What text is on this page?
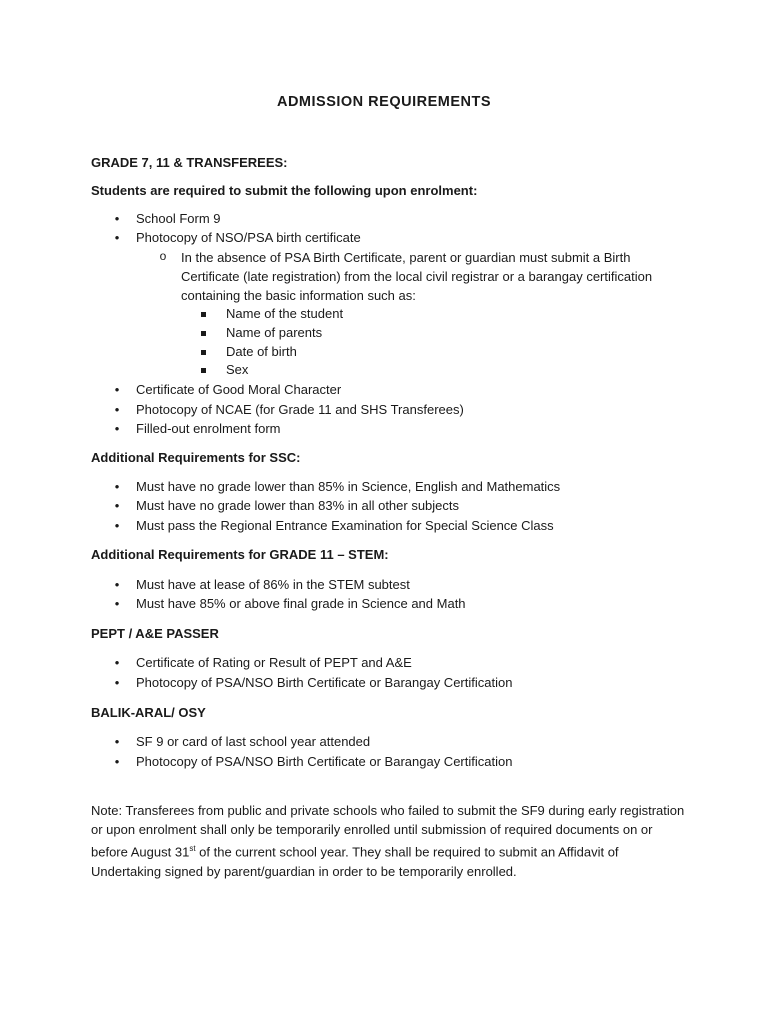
ADMISSION REQUIREMENTS
GRADE 7, 11 & TRANSFEREES:
Students are required to submit the following upon enrolment:
• School Form 9
• Photocopy of NSO/PSA birth certificate
o In the absence of PSA Birth Certificate, parent or guardian must submit a Birth Certificate (late registration) from the local civil registrar or a barangay certification containing the basic information such as:
Name of the student
Name of parents
Date of birth
Sex
• Certificate of Good Moral Character
• Photocopy of NCAE (for Grade 11 and SHS Transferees)
• Filled-out enrolment form
Additional Requirements for SSC:
• Must have no grade lower than 85% in Science, English and Mathematics
• Must have no grade lower than 83% in all other subjects
• Must pass the Regional Entrance Examination for Special Science Class
Additional Requirements for GRADE 11 – STEM:
• Must have at lease of 86% in the STEM subtest
• Must have 85% or above final grade in Science and Math
PEPT / A&E PASSER
• Certificate of Rating or Result of PEPT and A&E
• Photocopy of PSA/NSO Birth Certificate or Barangay Certification
BALIK-ARAL/ OSY
• SF 9 or card of last school year attended
• Photocopy of PSA/NSO Birth Certificate or Barangay Certification
Note: Transferees from public and private schools who failed to submit the SF9 during early registration or upon enrolment shall only be temporarily enrolled until submission of required documents on or before August 31st of the current school year. They shall be required to submit an Affidavit of Undertaking signed by parent/guardian in order to be temporarily enrolled.
